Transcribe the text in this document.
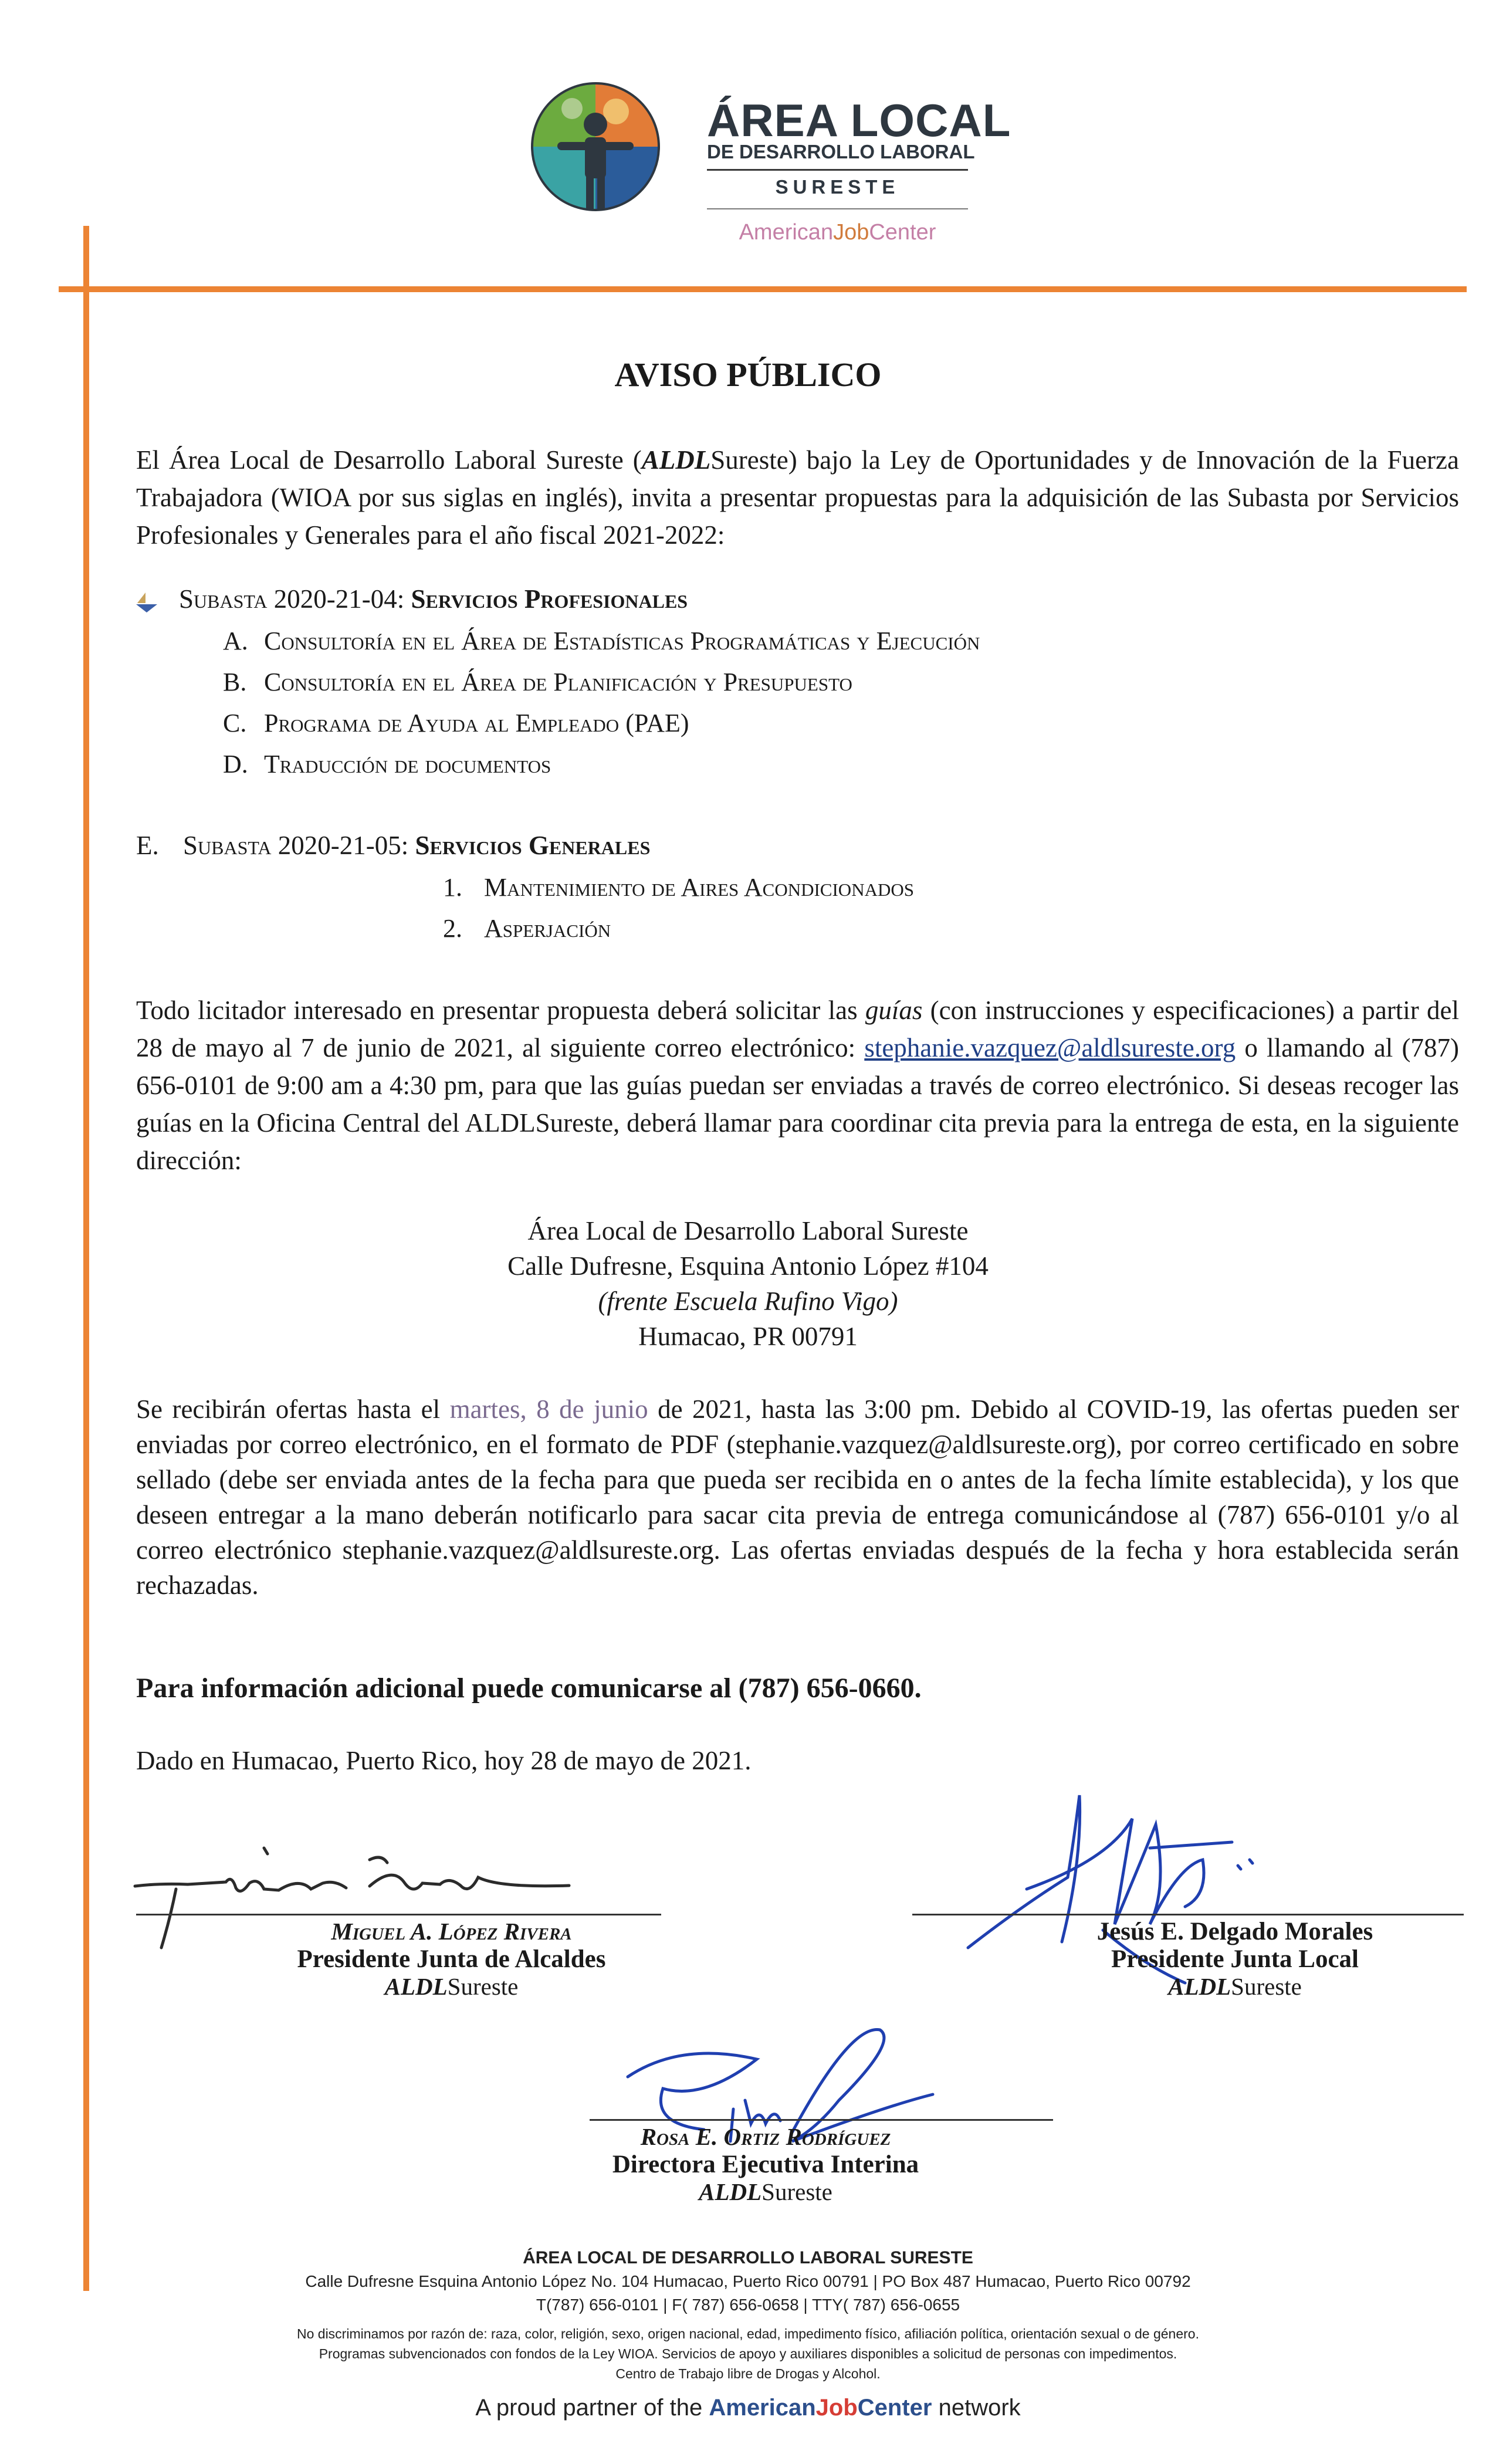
ÁREA LOCAL
DE DESARROLLO LABORAL
SURESTE
AmericanJobCenter
AVISO PÚBLICO
El Área Local de Desarrollo Laboral Sureste (ALDLSureste) bajo la Ley de Oportunidades y de Innovación de la Fuerza Trabajadora (WIOA por sus siglas en inglés), invita a presentar propuestas para la adquisición de las Subasta por Servicios Profesionales y Generales para el año fiscal 2021-2022:
Subasta 2020-21-04: Servicios Profesionales
A. Consultoría en el Área de Estadísticas Programáticas y Ejecución
B. Consultoría en el Área de Planificación y Presupuesto
C. Programa de Ayuda al Empleado (PAE)
D. Traducción de documentos
E. Subasta 2020-21-05: Servicios Generales
1. Mantenimiento de Aires Acondicionados
2. Asperjación
Todo licitador interesado en presentar propuesta deberá solicitar las guías (con instrucciones y especificaciones) a partir del 28 de mayo al 7 de junio de 2021, al siguiente correo electrónico: stephanie.vazquez@aldlsureste.org o llamando al (787) 656-0101 de 9:00 am a 4:30 pm, para que las guías puedan ser enviadas a través de correo electrónico. Si deseas recoger las guías en la Oficina Central del ALDLSureste, deberá llamar para coordinar cita previa para la entrega de esta, en la siguiente dirección:
Área Local de Desarrollo Laboral Sureste
Calle Dufresne, Esquina Antonio López #104
(frente Escuela Rufino Vigo)
Humacao, PR 00791
Se recibirán ofertas hasta el martes, 8 de junio de 2021, hasta las 3:00 pm. Debido al COVID-19, las ofertas pueden ser enviadas por correo electrónico, en el formato de PDF (stephanie.vazquez@aldlsureste.org), por correo certificado en sobre sellado (debe ser enviada antes de la fecha para que pueda ser recibida en o antes de la fecha límite establecida), y los que deseen entregar a la mano deberán notificarlo para sacar cita previa de entrega comunicándose al (787) 656-0101 y/o al correo electrónico stephanie.vazquez@aldlsureste.org. Las ofertas enviadas después de la fecha y hora establecida serán rechazadas.
Para información adicional puede comunicarse al (787) 656-0660.
Dado en Humacao, Puerto Rico, hoy 28 de mayo de 2021.
Miguel A. López Rivera
Presidente Junta de Alcaldes
ALDLSureste
Jesús E. Delgado Morales
Presidente Junta Local
ALDLSureste
Rosa E. Ortiz Rodríguez
Directora Ejecutiva Interina
ALDLSureste
ÁREA LOCAL DE DESARROLLO LABORAL SURESTE
Calle Dufresne Esquina Antonio López No. 104 Humacao, Puerto Rico 00791 | PO Box 487 Humacao, Puerto Rico 00792
T(787) 656-0101 | F( 787) 656-0658 | TTY( 787) 656-0655
No discriminamos por razón de: raza, color, religión, sexo, origen nacional, edad, impedimento físico, afiliación política, orientación sexual o de género.
Programas subvencionados con fondos de la Ley WIOA. Servicios de apoyo y auxiliares disponibles a solicitud de personas con impedimentos.
Centro de Trabajo libre de Drogas y Alcohol.
A proud partner of the AmericanJobCenter network
